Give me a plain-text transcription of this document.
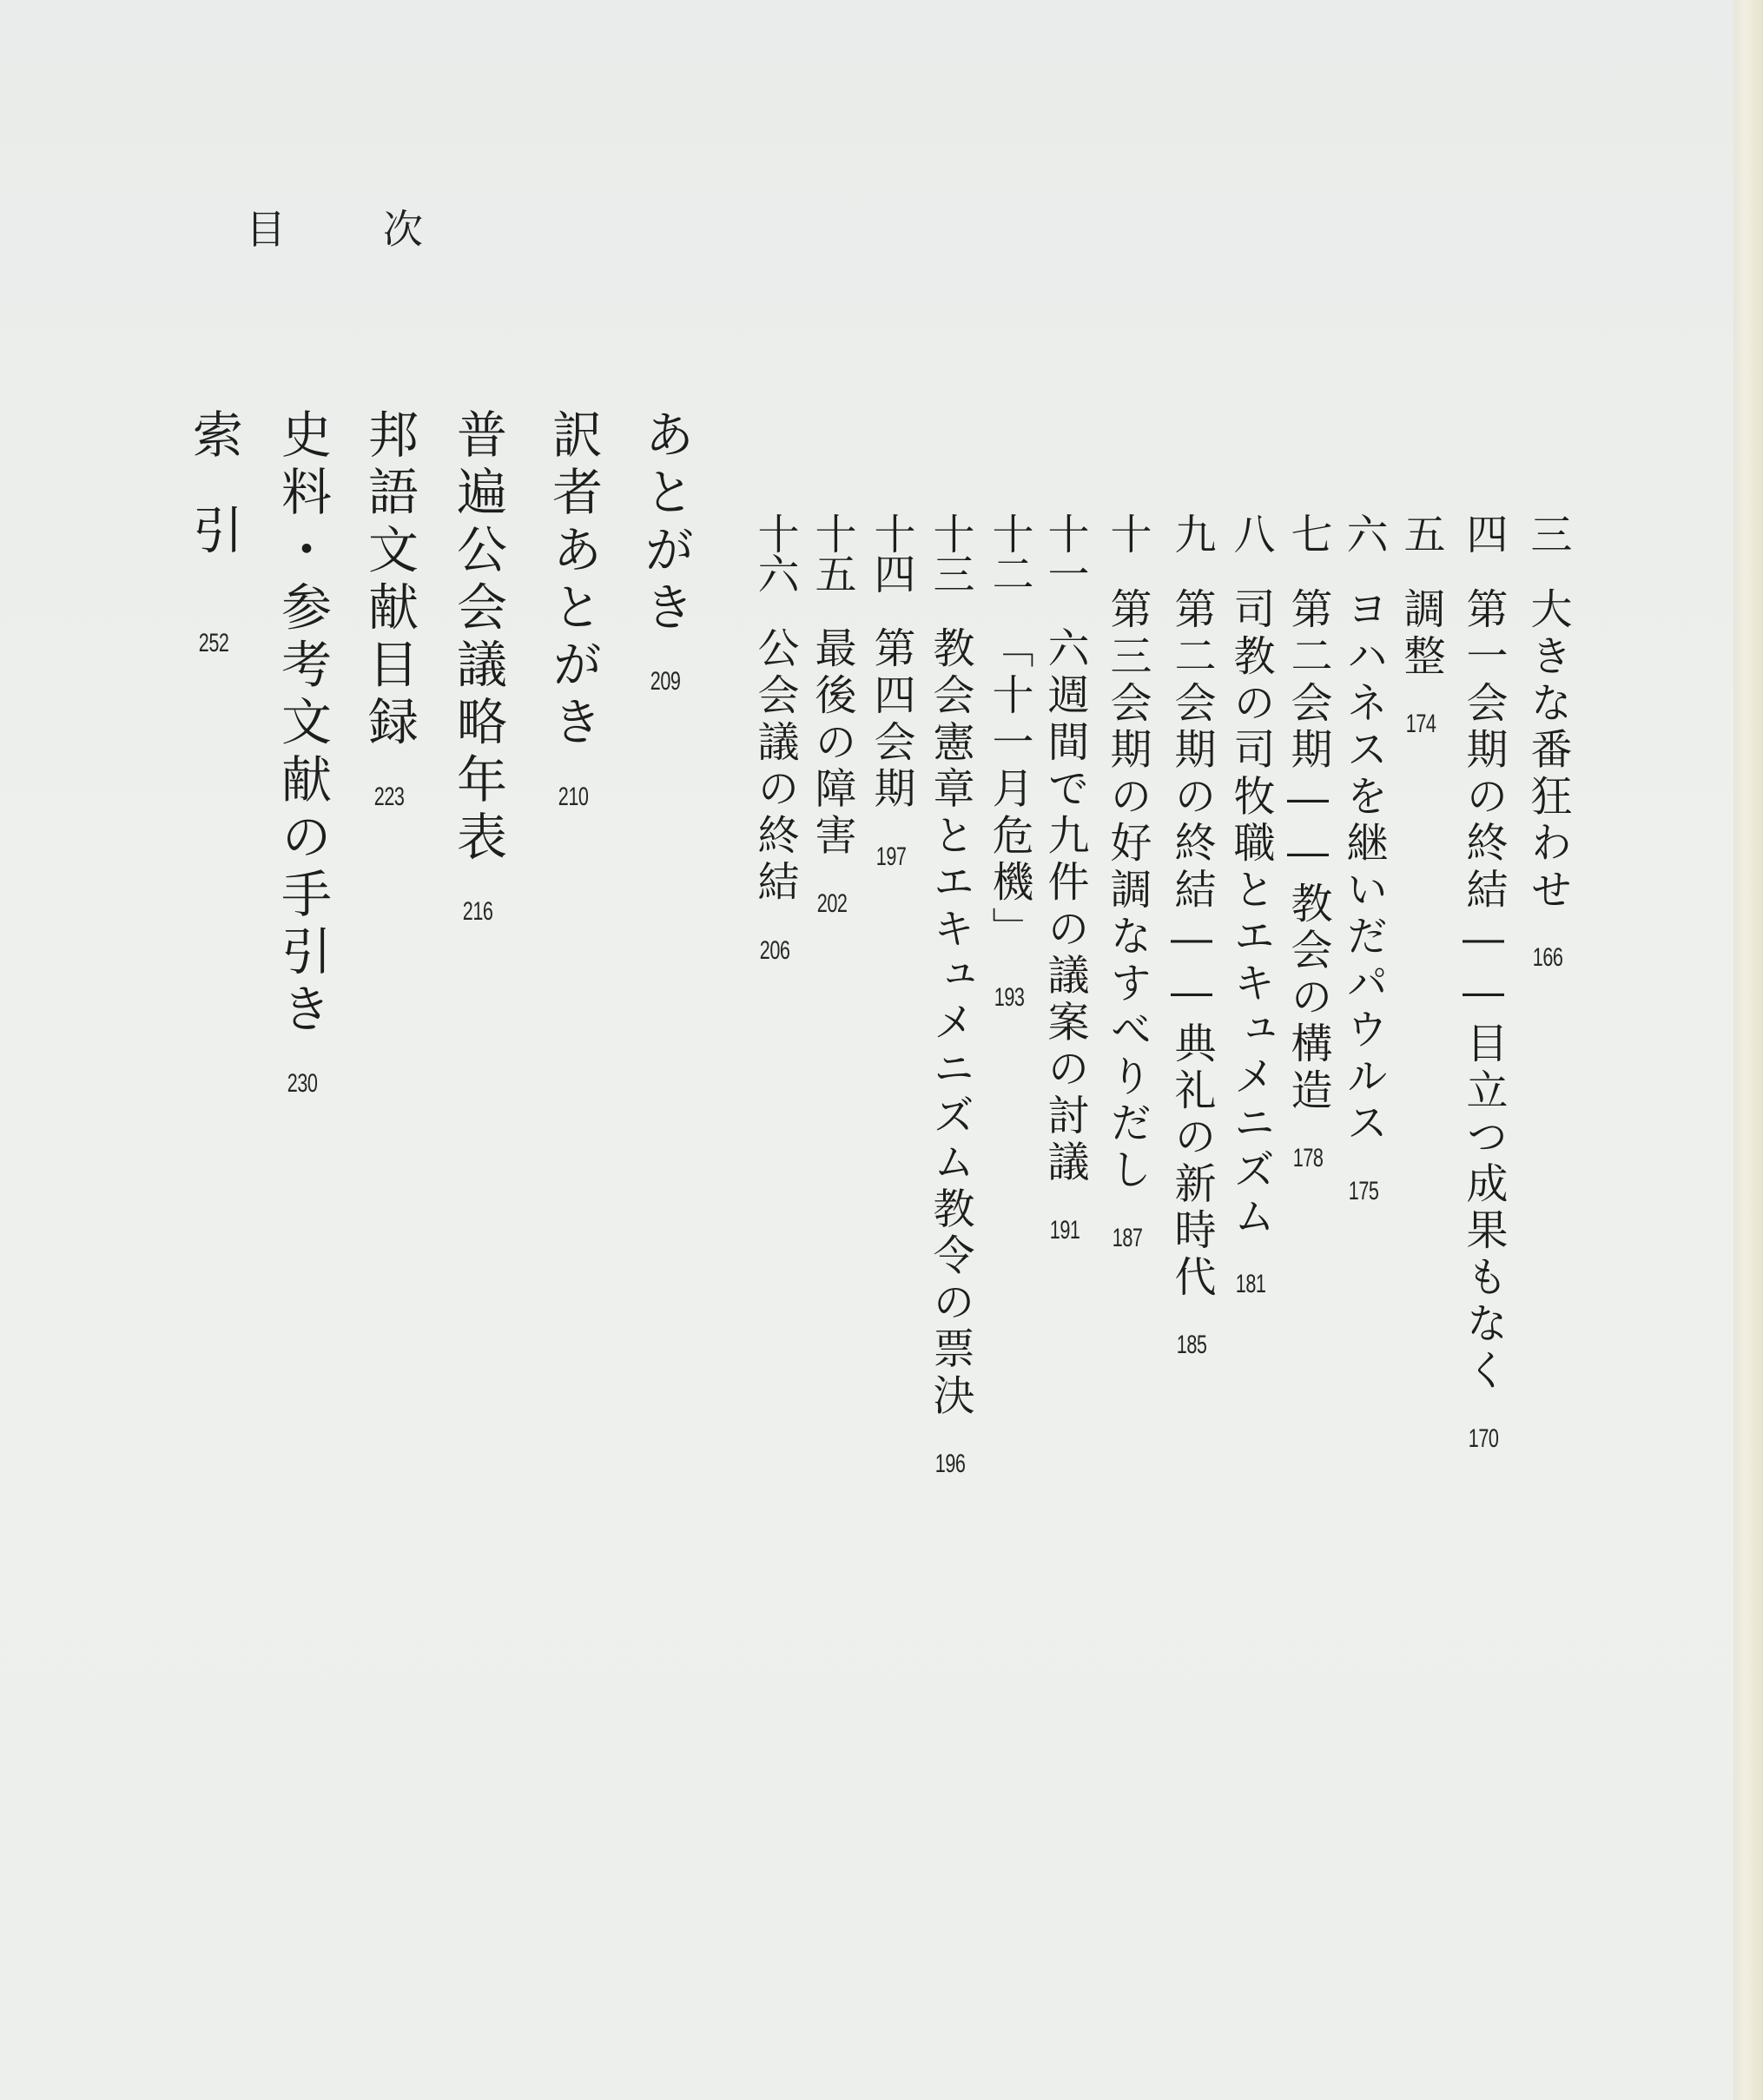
目 次
三
大きな番狂わせ
166
四
第一会期の終結――目立つ成果もなく
170
五
調整
174
六
ヨハネスを継いだパウルス
175
七
第二会期――教会の構造
178
八
司教の司牧職とエキュメニズム
181
九
第二会期の終結――典礼の新時代
185
十
第三会期の好調なすべりだし
187
十一
六週間で九件の議案の討議
191
十二
「十一月危機」
193
十三
教会憲章とエキュメニズム教令の票決
196
十四
第四会期
197
十五
最後の障害
202
十六
公会議の終結
206
あとがき
209
訳者あとがき
210
普遍公会議略年表
216
邦語文献目録
223
史料・参考文献の手引き
230
索引
252
